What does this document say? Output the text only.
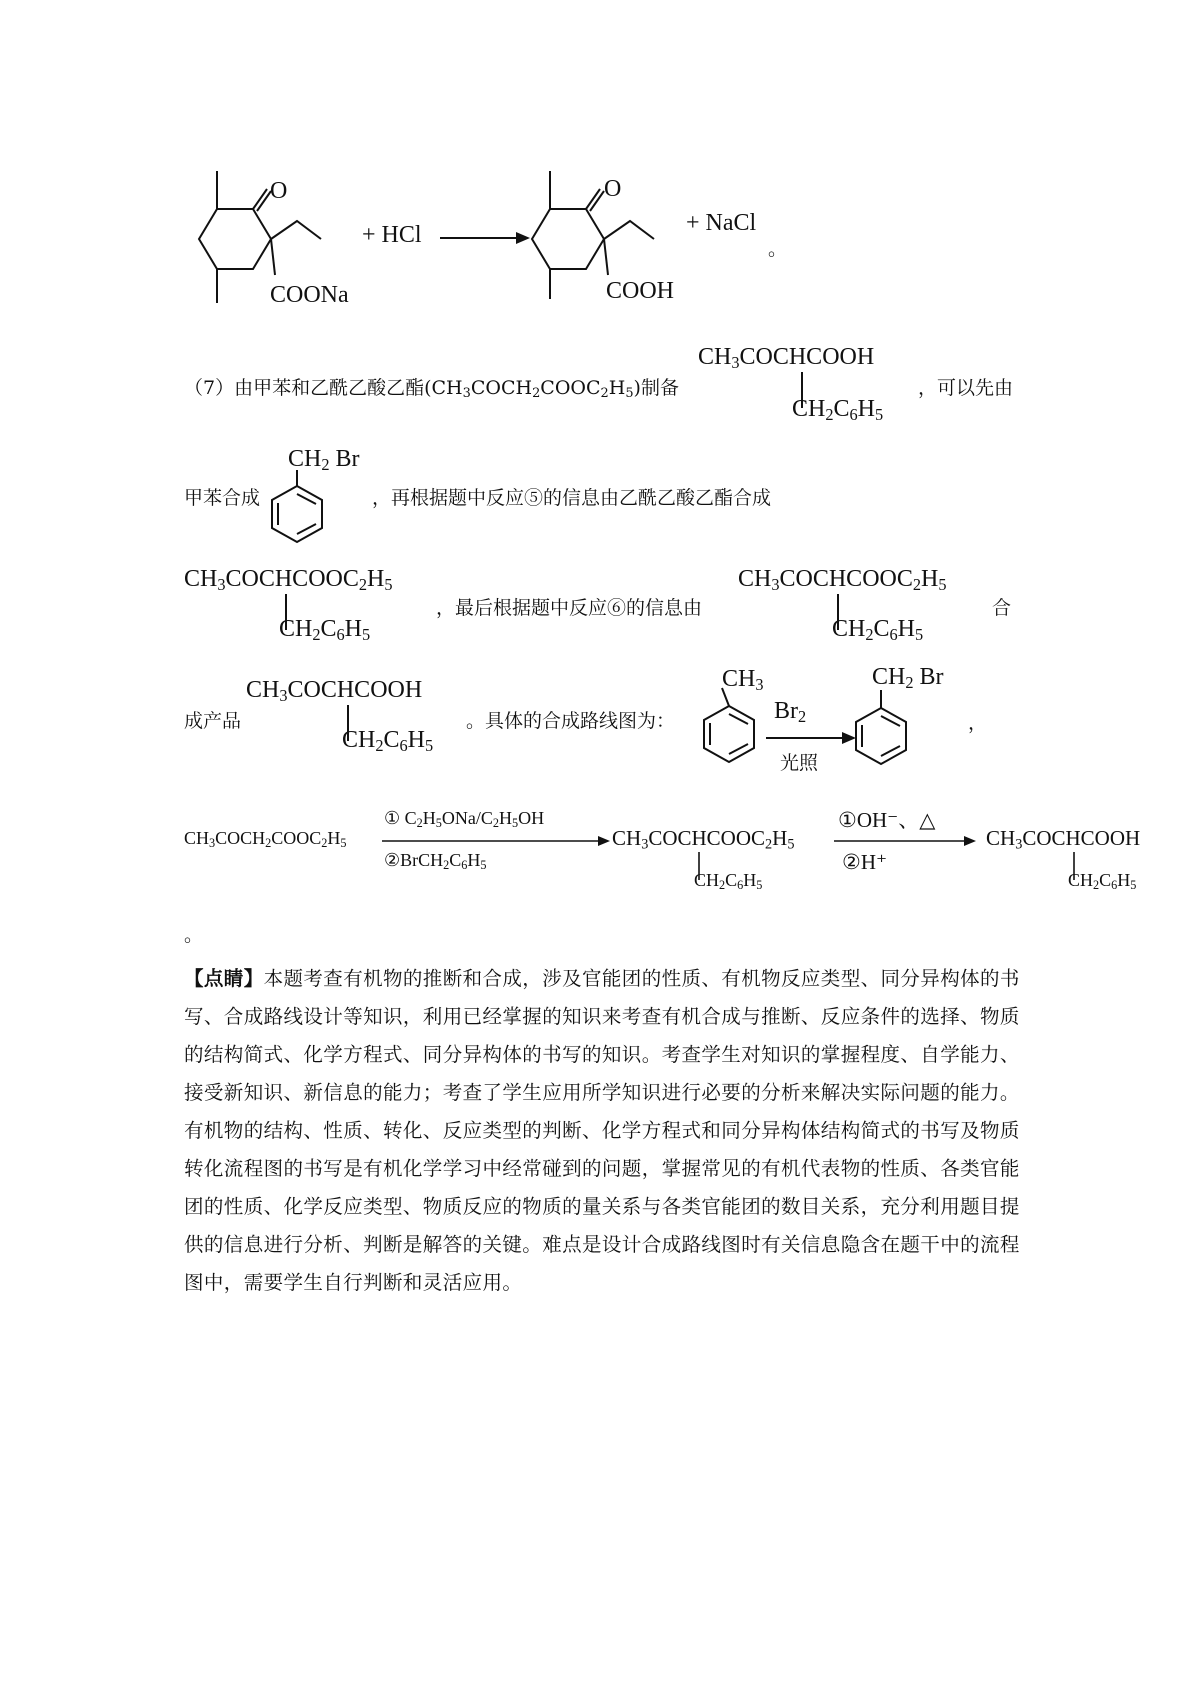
O
COONa
+ HCl
O
COOH
+ NaCl
。
（7）由甲苯和乙酰乙酸乙酯$(CH_3COCH_2COOC_2H_5)$制备
$CH_3COCHCOOH$
$CH_2C_6H_5$
，可以先由
甲苯合成
$CH_2$ Br
，再根据题中反应⑤的信息由乙酰乙酸乙酯合成
$CH_3COCHCOOC_2H_5$
$CH_2C_6H_5$
，最后根据题中反应⑥的信息由
$CH_3COCHCOOC_2H_5$
$CH_2C_6H_5$
合
成产品
$CH_3COCHCOOH$
$CH_2C_6H_5$
。具体的合成路线图为：
$CH_3$
$Br_2$
光照
$CH_2$ Br
，
$CH_3COCH_2COOC_2H_5$
① $C_2H_5ONa/C_2H_5OH$
$②BrCH_2C_6H_5$
$CH_3COCHCOOC_2H_5$
$CH_2C_6H_5$
①OH⁻、△
②H⁺
$CH_3COCHCOOH$
$CH_2C_6H_5$
。
【点睛】本题考查有机物的推断和合成，涉及官能团的性质、有机物反应类型、同分异构体的书写、合成路线设计等知识，利用已经掌握的知识来考查有机合成与推断、反应条件的选择、物质的结构简式、化学方程式、同分异构体的书写的知识。考查学生对知识的掌握程度、自学能力、接受新知识、新信息的能力；考查了学生应用所学知识进行必要的分析来解决实际问题的能力。有机物的结构、性质、转化、反应类型的判断、化学方程式和同分异构体结构简式的书写及物质转化流程图的书写是有机化学学习中经常碰到的问题，掌握常见的有机代表物的性质、各类官能团的性质、化学反应类型、物质反应的物质的量关系与各类官能团的数目关系，充分利用题目提供的信息进行分析、判断是解答的关键。难点是设计合成路线图时有关信息隐含在题干中的流程图中，需要学生自行判断和灵活应用。
